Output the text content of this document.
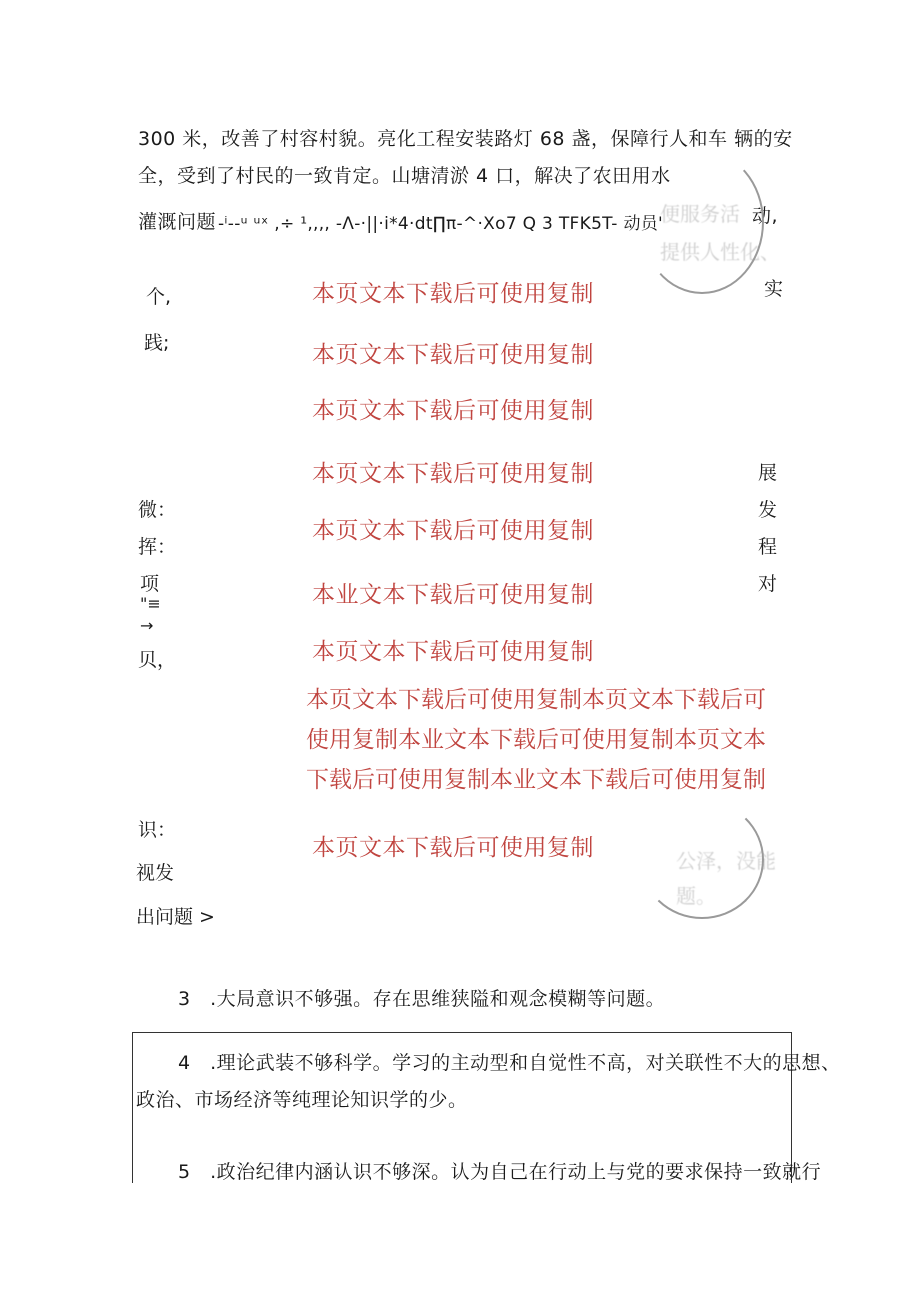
300 米，改善了村容村貌。亮化工程安装路灯 68 盏，保障行人和车 辆的安
全，受到了村民的一致肯定。山塘清淤 4 口，解决了农田用水
灌溉问题 -ⁱ--ᵘ ᵘˣ ,÷ ¹,,,, -Λ-·||·i*4·dt∏π-^·Xo7 Q 3 TFK5T- 动员'	动,
便服务活
提供人性化、
个,
践;
微：
挥：
项
"≡
→
贝，
识：
视发
出问题 >
实
展
发
程
对
本页文本下载后可使用复制
本页文本下载后可使用复制
本页文本下载后可使用复制
本页文本下载后可使用复制
本页文本下载后可使用复制
本业文本下载后可使用复制
本页文本下载后可使用复制
本页文本下载后可使用复制本页文本下载后可使用复制本业文本下载后可使用复制本页文本下载后可使用复制本业文本下载后可使用复制
本页文本下载后可使用复制	公泽，没能
题。
3　.大局意识不够强。存在思维狭隘和观念模糊等问题。
4　.理论武装不够科学。学习的主动型和自觉性不高，对关联性不大的思想、
政治、市场经济等纯理论知识学的少。
5　.政治纪律内涵认识不够深。认为自己在行动上与党的要求保持一致就行
